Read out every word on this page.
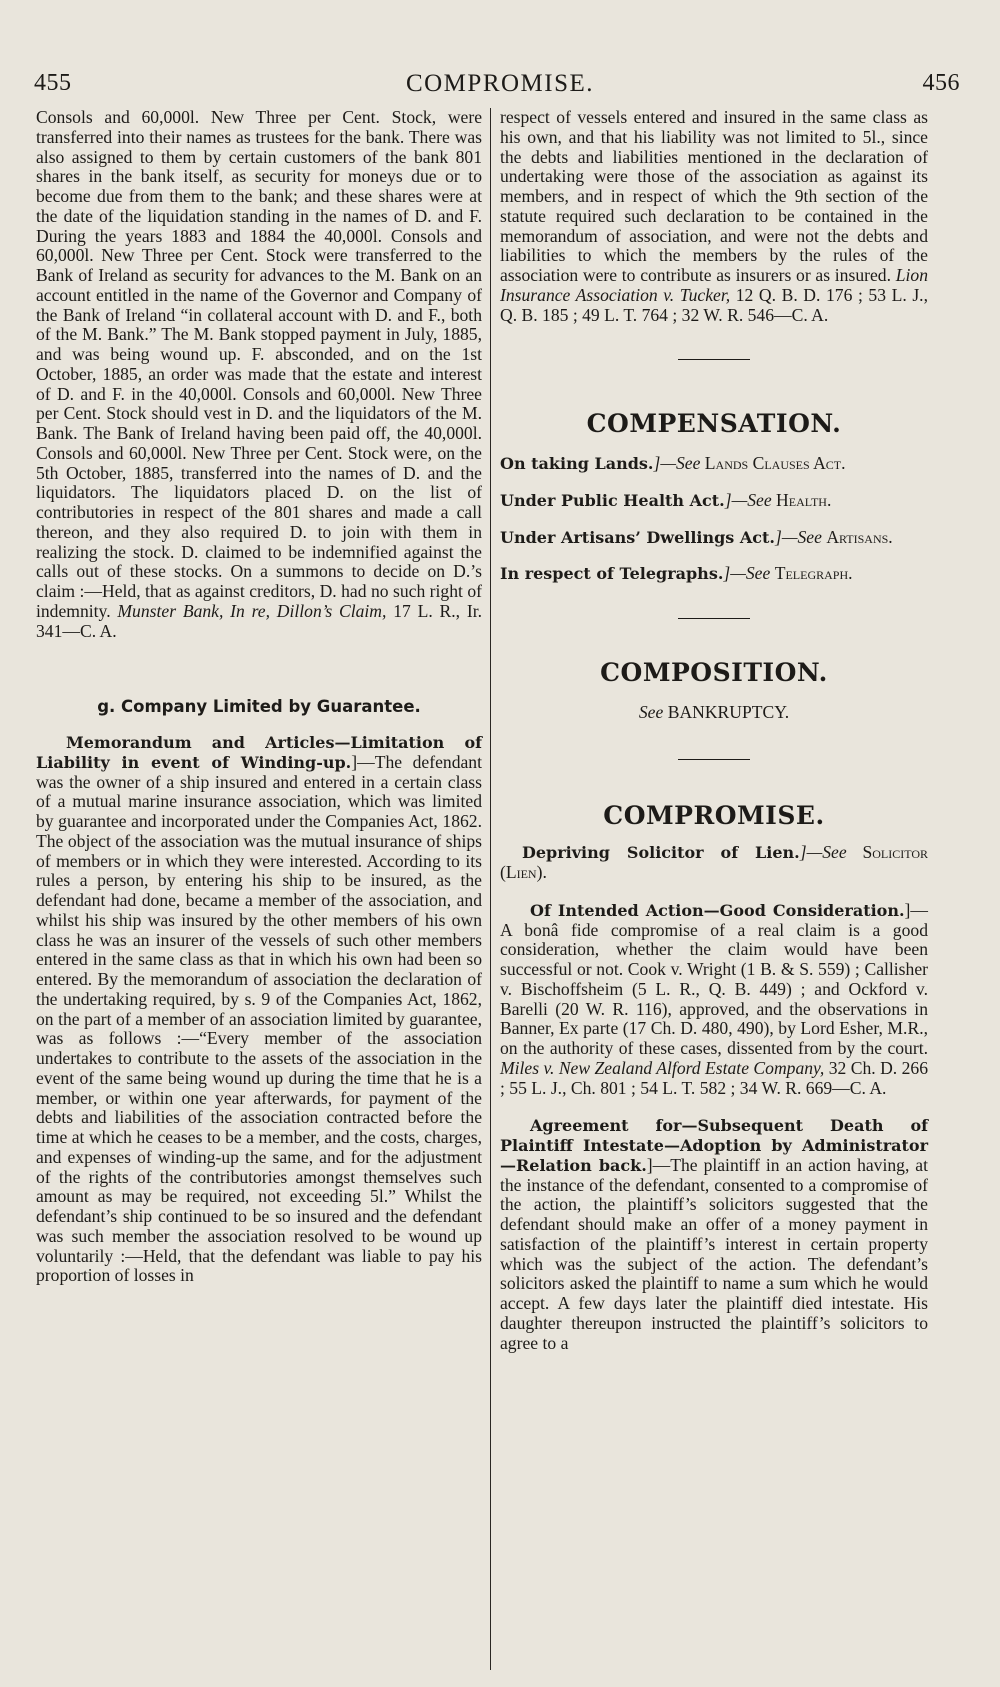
455	COMPROMISE.	456

Consols and 60,000l. New Three per Cent. Stock, were transferred into their names as trustees for the bank. There was also assigned to them by certain customers of the bank 801 shares in the bank itself, as security for moneys due or to become due from them to the bank; and these shares were at the date of the liquidation standing in the names of D. and F. During the years 1883 and 1884 the 40,000l. Consols and 60,000l. New Three per Cent. Stock were transferred to the Bank of Ireland as security for advances to the M. Bank on an account entitled in the name of the Governor and Company of the Bank of Ireland “in collateral account with D. and F., both of the M. Bank.” The M. Bank stopped payment in July, 1885, and was being wound up. F. absconded, and on the 1st October, 1885, an order was made that the estate and interest of D. and F. in the 40,000l. Consols and 60,000l. New Three per Cent. Stock should vest in D. and the liquidators of the M. Bank. The Bank of Ireland having been paid off, the 40,000l. Consols and 60,000l. New Three per Cent. Stock were, on the 5th October, 1885, transferred into the names of D. and the liquidators. The liquidators placed D. on the list of contributories in respect of the 801 shares and made a call thereon, and they also required D. to join with them in realizing the stock. D. claimed to be indemnified against the calls out of these stocks. On a summons to decide on D.’s claim :—Held, that as against creditors, D. had no such right of indemnity. Munster Bank, In re, Dillon’s Claim, 17 L. R., Ir. 341—C. A.

g. Company Limited by Guarantee.

Memorandum and Articles—Limitation of Liability in event of Winding-up.]—The defendant was the owner of a ship insured and entered in a certain class of a mutual marine insurance association, which was limited by guarantee and incorporated under the Companies Act, 1862. The object of the association was the mutual insurance of ships of members or in which they were interested. According to its rules a person, by entering his ship to be insured, as the defendant had done, became a member of the association, and whilst his ship was insured by the other members of his own class he was an insurer of the vessels of such other members entered in the same class as that in which his own had been so entered. By the memorandum of association the declaration of the undertaking required, by s. 9 of the Companies Act, 1862, on the part of a member of an association limited by guarantee, was as follows :—“Every member of the association undertakes to contribute to the assets of the association in the event of the same being wound up during the time that he is a member, or within one year afterwards, for payment of the debts and liabilities of the association contracted before the time at which he ceases to be a member, and the costs, charges, and expenses of winding-up the same, and for the adjustment of the rights of the contributories amongst themselves such amount as may be required, not exceeding 5l.” Whilst the defendant’s ship continued to be so insured and the defendant was such member the association resolved to be wound up voluntarily :—Held, that the defendant was liable to pay his proportion of losses in

respect of vessels entered and insured in the same class as his own, and that his liability was not limited to 5l., since the debts and liabilities mentioned in the declaration of undertaking were those of the association as against its members, and in respect of which the 9th section of the statute required such declaration to be contained in the memorandum of association, and were not the debts and liabilities to which the members by the rules of the association were to contribute as insurers or as insured. Lion Insurance Association v. Tucker, 12 Q. B. D. 176 ; 53 L. J., Q. B. 185 ; 49 L. T. 764 ; 32 W. R. 546—C. A.

COMPENSATION.

On taking Lands.]—See Lands Clauses Act.

Under Public Health Act.]—See Health.

Under Artisans’ Dwellings Act.]—See Artisans.

In respect of Telegraphs.]—See Telegraph.

COMPOSITION.

See BANKRUPTCY.

COMPROMISE.

Depriving Solicitor of Lien.]—See Solicitor (Lien).

Of Intended Action—Good Consideration.]—A bonâ fide compromise of a real claim is a good consideration, whether the claim would have been successful or not. Cook v. Wright (1 B. & S. 559) ; Callisher v. Bischoffsheim (5 L. R., Q. B. 449) ; and Ockford v. Barelli (20 W. R. 116), approved, and the observations in Banner, Ex parte (17 Ch. D. 480, 490), by Lord Esher, M.R., on the authority of these cases, dissented from by the court. Miles v. New Zealand Alford Estate Company, 32 Ch. D. 266 ; 55 L. J., Ch. 801 ; 54 L. T. 582 ; 34 W. R. 669—C. A.

Agreement for—Subsequent Death of Plaintiff Intestate—Adoption by Administrator—Relation back.]—The plaintiff in an action having, at the instance of the defendant, consented to a compromise of the action, the plaintiff’s solicitors suggested that the defendant should make an offer of a money payment in satisfaction of the plaintiff’s interest in certain property which was the subject of the action. The defendant’s solicitors asked the plaintiff to name a sum which he would accept. A few days later the plaintiff died intestate. His daughter thereupon instructed the plaintiff’s solicitors to agree to a
